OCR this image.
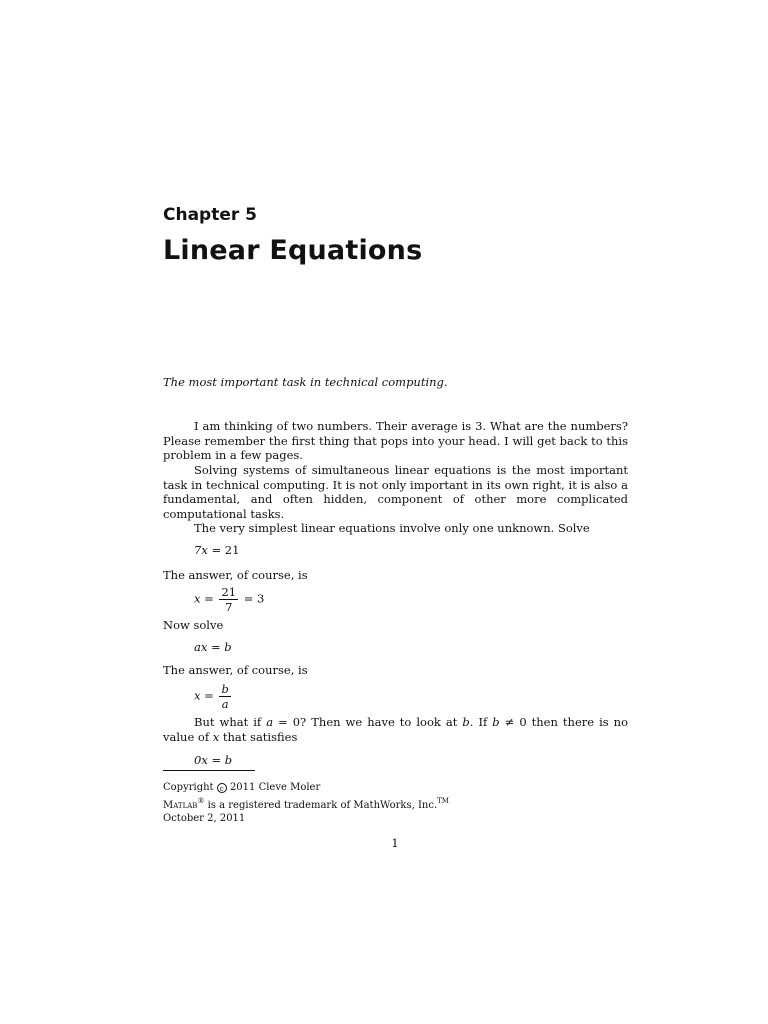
Chapter 5
Linear Equations

The most important task in technical computing.

I am thinking of two numbers. Their average is 3. What are the numbers? Please remember the first thing that pops into your head. I will get back to this problem in a few pages.

Solving systems of simultaneous linear equations is the most important task in technical computing. It is not only important in its own right, it is also a fundamental, and often hidden, component of other more complicated computational tasks.

The very simplest linear equations involve only one unknown. Solve

7x = 21
The answer, of course, is
$x = \frac{21}{7} = 3$
Now solve
ax = b
The answer, of course, is
$x = \frac{b}{a}$

But what if a = 0? Then we have to look at b. If b ≠ 0 then there is no value of x that satisfies

0x = b
Copyright c 2011 Cleve Moler
Matlab® is a registered trademark of MathWorks, Inc.™
October 2, 2011
1
